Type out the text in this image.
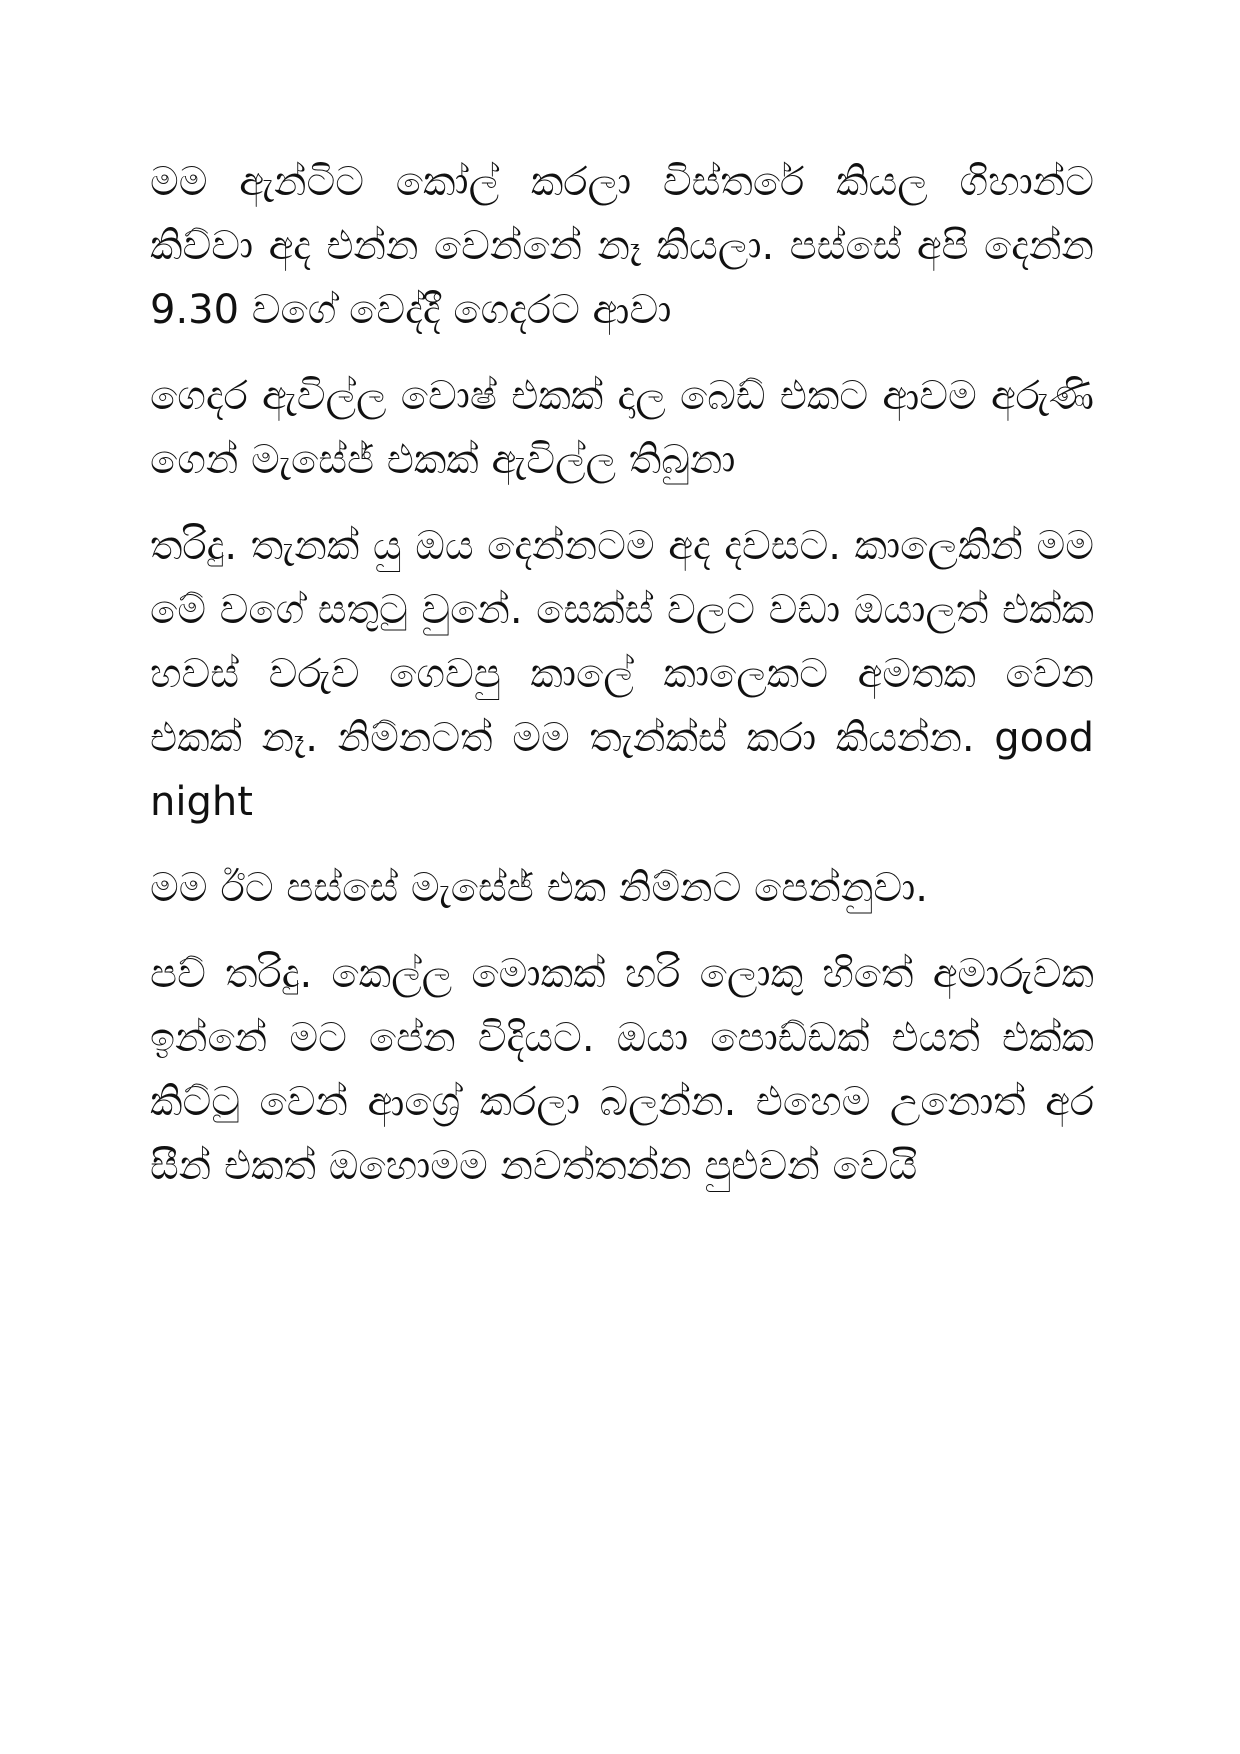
මම ඇන්ටිට කෝල් කරලා විස්තරේ කියල ගිහාන්ට කිව්වා අද එන්න වෙන්නේ නෑ කියලා. පස්සේ අපි දෙන්න 9.30 වගේ වෙද්දී ගෙදරට ආවා

ගෙදර ඇවිල්ල වොෂ් එකක් දාල බෙඩ් එකට ආවම අරුණි ගෙන් මැසේජ් එකක් ඇවිල්ල තිබුනා

තරිදු. තැනක් යු ඔය දෙන්නටම අද දවසට. කාලෙකින් මම මේ වගේ සතුටු වුනේ. සෙක්ස් වලට වඩා ඔයාලත් එක්ක හවස් වරුව ගෙවපු කාලේ කාලෙකට අමතක වෙන එකක් නෑ. නිම්නටත් මම තැන්ක්ස් කරා කියන්න. good night

මම ඊට පස්සේ මැසේජ් එක නිම්නට පෙන්නුවා.

පව් තරිදු. කෙල්ල මොකක් හරි ලොකු හිතේ අමාරුවක ඉන්නේ මට පේන විදියට. ඔයා පොඩ්ඩක් එයත් එක්ක කිට්ටු වෙන් ආශ්‍රේ කරලා බලන්න. එහෙම උනොත් අර සීන් එකත් ඔහොමම නවත්තන්න පුළුවන් වෙයි
